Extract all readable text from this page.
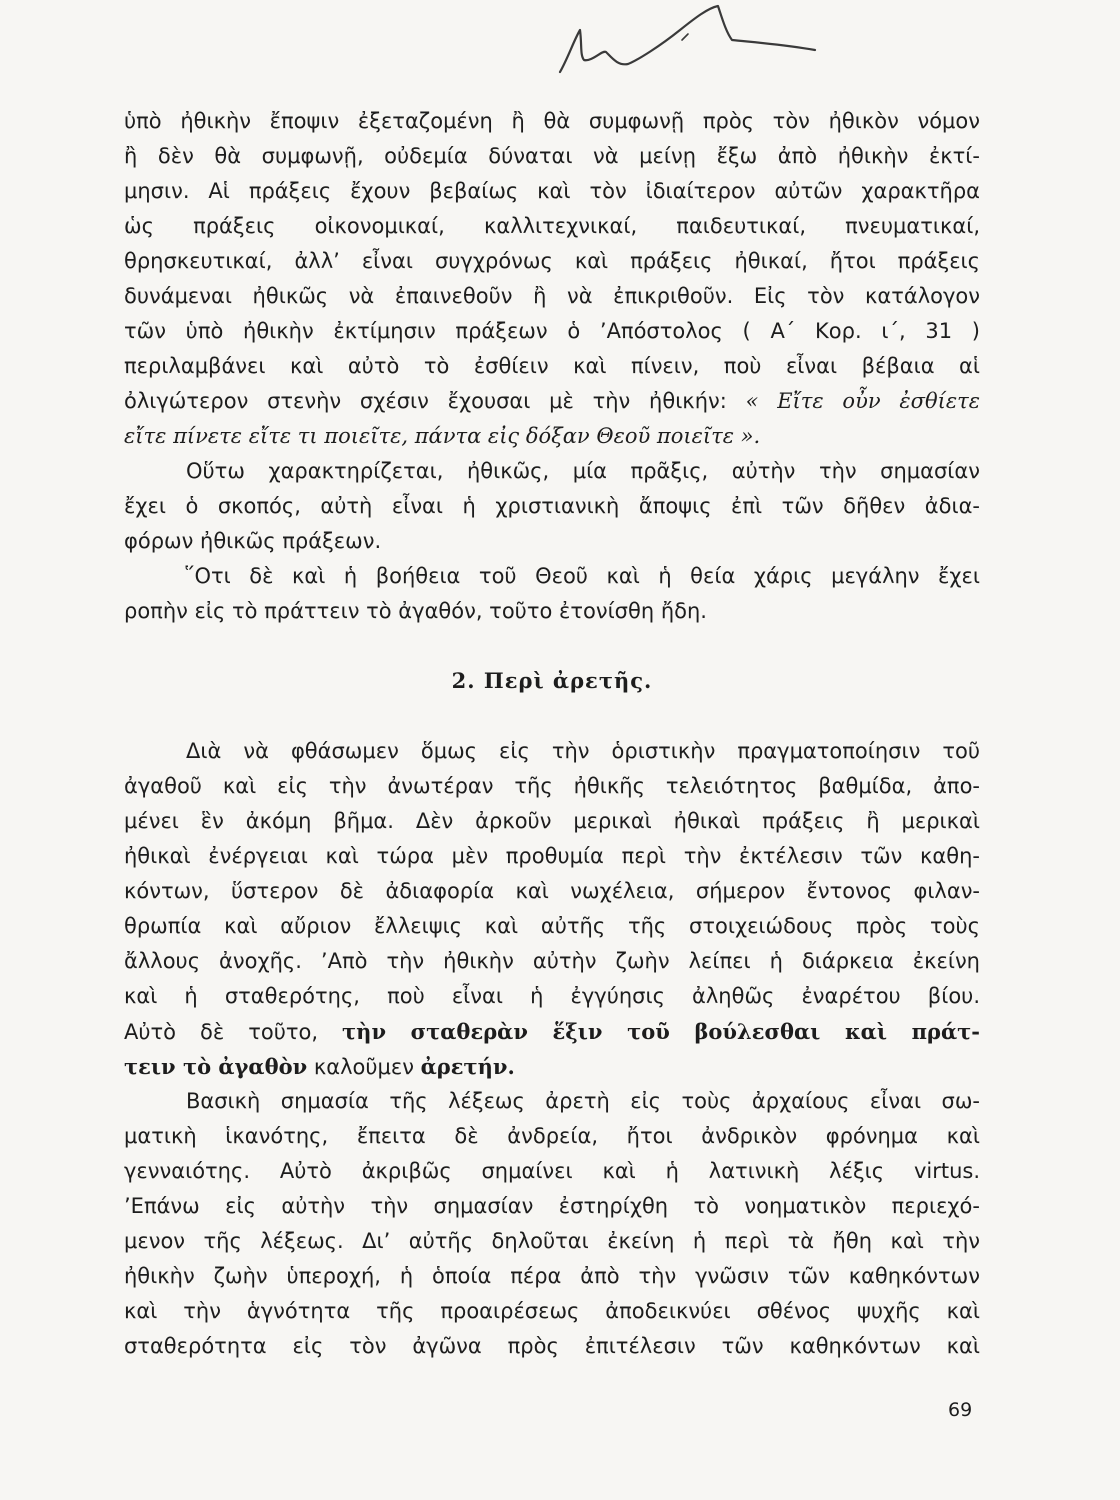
ὑπὸ ἠθικὴν ἔποψιν ἐξεταζομένη ἢ θὰ συμφωνῇ πρὸς τὸν ἠθικὸν νόμον
ἢ δὲν θὰ συμφωνῇ, οὐδεμία δύναται νὰ μείνῃ ἔξω ἀπὸ ἠθικὴν ἐκτί-
μησιν. Αἱ πράξεις ἔχουν βεβαίως καὶ τὸν ἰδιαίτερον αὐτῶν χαρακτῆρα
ὡς πράξεις οἰκονομικαί, καλλιτεχνικαί, παιδευτικαί, πνευματικαί,
θρησκευτικαί, ἀλλ’ εἶναι συγχρόνως καὶ πράξεις ἠθικαί, ἤτοι πράξεις
δυνάμεναι ἠθικῶς νὰ ἐπαινεθοῦν ἢ νὰ ἐπικριθοῦν. Εἰς τὸν κατάλογον
τῶν ὑπὸ ἠθικὴν ἐκτίμησιν πράξεων ὁ ’Απόστολος ( Α΄ Κορ. ι΄, 31 )
περιλαμβάνει καὶ αὐτὸ τὸ ἐσθίειν καὶ πίνειν, ποὺ εἶναι βέβαια αἱ
ὀλιγώτερον στενὴν σχέσιν ἔχουσαι μὲ τὴν ἠθικήν: « Εἴτε οὖν ἐσθίετε
εἴτε πίνετε εἴτε τι ποιεῖτε, πάντα εἰς δόξαν Θεοῦ ποιεῖτε ».
Οὕτω χαρακτηρίζεται, ἠθικῶς, μία πρᾶξις, αὐτὴν τὴν σημασίαν
ἔχει ὁ σκοπός, αὐτὴ εἶναι ἡ χριστιανικὴ ἄποψις ἐπὶ τῶν δῆθεν ἀδια-
φόρων ἠθικῶς πράξεων.
῞Οτι δὲ καὶ ἡ βοήθεια τοῦ Θεοῦ καὶ ἡ θεία χάρις μεγάλην ἔχει
ροπὴν εἰς τὸ πράττειν τὸ ἀγαθόν, τοῦτο ἐτονίσθη ἤδη.
2. Περὶ ἀρετῆς.
Διὰ νὰ φθάσωμεν ὅμως εἰς τὴν ὁριστικὴν πραγματοποίησιν τοῦ
ἀγαθοῦ καὶ εἰς τὴν ἀνωτέραν τῆς ἠθικῆς τελειότητος βαθμίδα, ἀπο-
μένει ἓν ἀκόμη βῆμα. Δὲν ἀρκοῦν μερικαὶ ἠθικαὶ πράξεις ἢ μερικαὶ
ἠθικαὶ ἐνέργειαι καὶ τώρα μὲν προθυμία περὶ τὴν ἐκτέλεσιν τῶν καθη-
κόντων, ὕστερον δὲ ἀδιαφορία καὶ νωχέλεια, σήμερον ἔντονος φιλαν-
θρωπία καὶ αὔριον ἔλλειψις καὶ αὐτῆς τῆς στοιχειώδους πρὸς τοὺς
ἄλλους ἀνοχῆς. ’Απὸ τὴν ἠθικὴν αὐτὴν ζωὴν λείπει ἡ διάρκεια ἐκείνη
καὶ ἡ σταθερότης, ποὺ εἶναι ἡ ἐγγύησις ἀληθῶς ἐναρέτου βίου.
Αὐτὸ δὲ τοῦτο, τὴν σταθερὰν ἕξιν τοῦ βούλεσθαι καὶ πράτ-
τειν τὸ ἀγαθὸν καλοῦμεν ἀρετήν.
Βασικὴ σημασία τῆς λέξεως ἀρετὴ εἰς τοὺς ἀρχαίους εἶναι σω-
ματικὴ ἱκανότης, ἔπειτα δὲ ἀνδρεία, ἤτοι ἀνδρικὸν φρόνημα καὶ
γενναιότης. Αὐτὸ ἀκριβῶς σημαίνει καὶ ἡ λατινικὴ λέξις virtus.
’Επάνω εἰς αὐτὴν τὴν σημασίαν ἐστηρίχθη τὸ νοηματικὸν περιεχό-
μενον τῆς λέξεως. Δι’ αὐτῆς δηλοῦται ἐκείνη ἡ περὶ τὰ ἤθη καὶ τὴν
ἠθικὴν ζωὴν ὑπεροχή, ἡ ὁποία πέρα ἀπὸ τὴν γνῶσιν τῶν καθηκόντων
καὶ τὴν ἁγνότητα τῆς προαιρέσεως ἀποδεικνύει σθένος ψυχῆς καὶ
σταθερότητα εἰς τὸν ἀγῶνα πρὸς ἐπιτέλεσιν τῶν καθηκόντων καὶ
69
